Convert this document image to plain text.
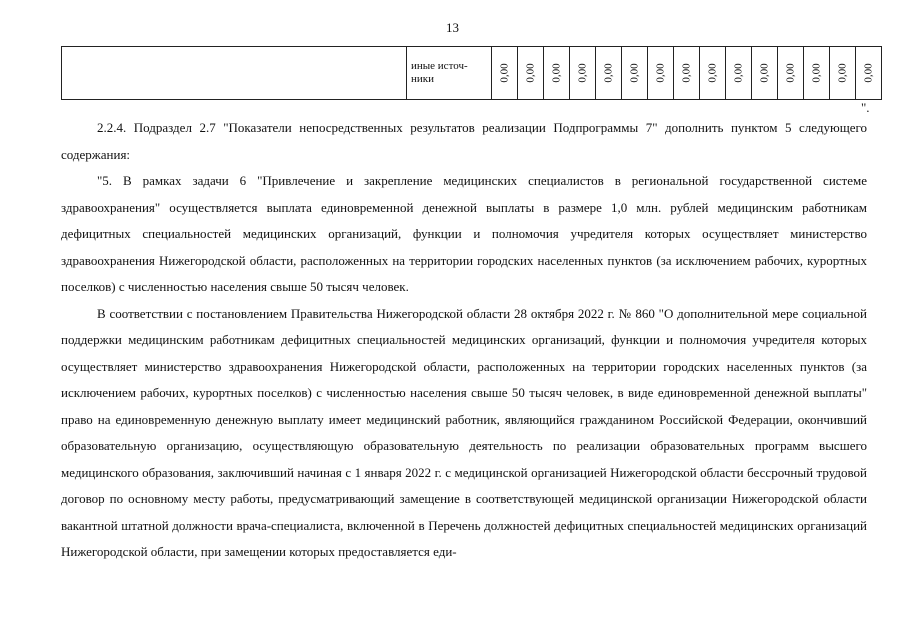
13
	иные источ-ники	0,00	0,00	0,00	0,00	0,00	0,00	0,00	0,00	0,00	0,00	0,00	0,00	0,00	0,00	0,00
".

2.2.4. Подраздел 2.7 "Показатели непосредственных результатов реализации Подпрограммы 7" дополнить пунктом 5 следующего содержания:

"5. В рамках задачи 6 "Привлечение и закрепление медицинских специалистов в региональной государственной системе здравоохранения" осуществляется выплата единовременной денежной выплаты в размере 1,0 млн. рублей медицинским работникам дефицитных специальностей медицинских организаций, функции и полномочия учредителя которых осуществляет министерство здравоохранения Нижегородской области, расположенных на территории городских населенных пунктов (за исключением рабочих, курортных поселков) с численностью населения свыше 50 тысяч человек.

В соответствии с постановлением Правительства Нижегородской области 28 октября 2022 г. № 860 "О дополнительной мере социальной поддержки медицинским работникам дефицитных специальностей медицинских организаций, функции и полномочия учредителя которых осуществляет министерство здравоохранения Нижегородской области, расположенных на территории городских населенных пунктов (за исключением рабочих, курортных поселков) с численностью населения свыше 50 тысяч человек, в виде единовременной денежной выплаты" право на единовременную денежную выплату имеет медицинский работник, являющийся гражданином Российской Федерации, окончивший образовательную организацию, осуществляющую образовательную деятельность по реализации образовательных программ высшего медицинского образования, заключивший начиная с 1 января 2022 г. с медицинской организацией Нижегородской области бессрочный трудовой договор по основному месту работы, предусматривающий замещение в соответствующей медицинской организации Нижегородской области вакантной штатной должности врача-специалиста, включенной в Перечень должностей дефицитных специальностей медицинских организаций Нижегородской области, при замещении которых предоставляется еди-
